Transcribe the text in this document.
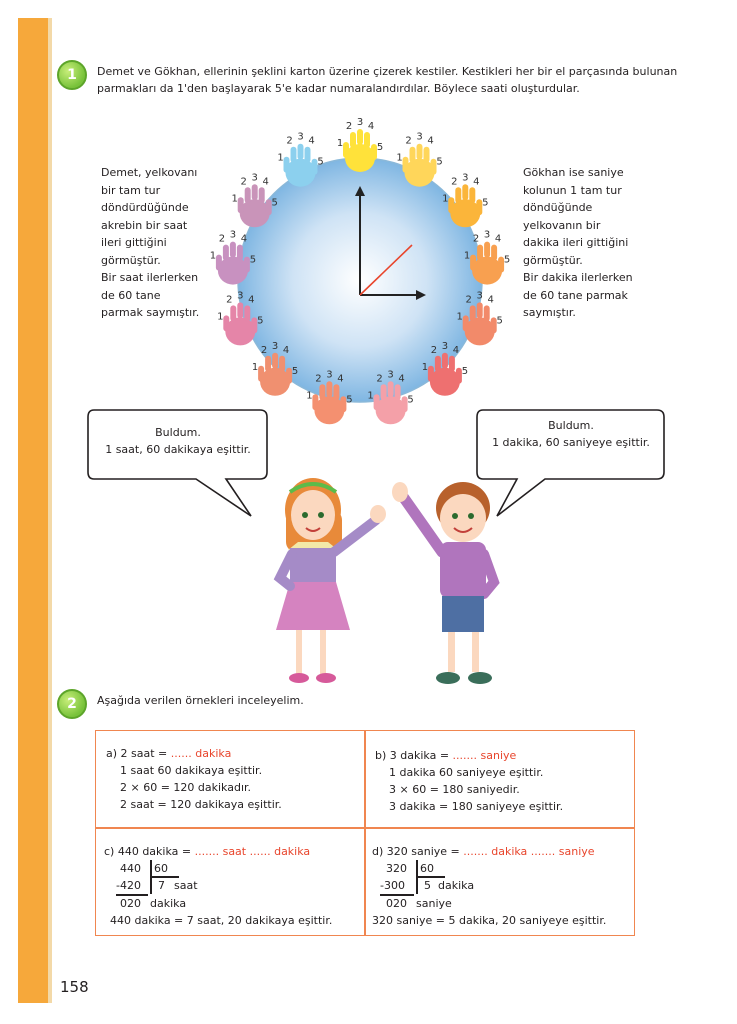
1	Demet ve Gökhan, ellerinin şeklini karton üzerine çizerek kestiler. Kestikleri her bir el parçasında bulunan parmakları da 1'den başlayarak 5'e kadar numaralandırdılar. Böylece saati oluşturdular.
Demet, yelkovanı
bir tam tur
döndürdüğünde
akrebin bir saat
ileri gittiğini
görmüştür.
Bir saat ilerlerken
de 60 tane
parmak saymıştır.
Gökhan ise saniye
kolunun 1 tam tur
döndüğünde
yelkovanın bir
dakika ileri gittiğini
görmüştür.
Bir dakika ilerlerken
de 60 tane parmak
saymıştır.
1
2 3 4
5
1
2 3 4
5
1
2 3 4
5
1
2 3 4
5
1
2 3 4
5
1
2 3 4
5
1
2 3 4
5
1
2 3 4
5
1
2 3 4
5
1
2 3 4
5
1
2 3 4
5
1
2 3 4
5
1
2 3 4
5
Buldum.
1 saat, 60 dakikaya eşittir.
Buldum.
1 dakika, 60 saniyeye eşittir.
2	Aşağıda verilen örnekleri inceleyelim.
a) 2 saat = ...... dakika
1 saat 60 dakikaya eşittir.
2 × 60 = 120 dakikadır.
2 saat = 120 dakikaya eşittir.
b) 3 dakika = ....... saniye
1 dakika 60 saniyeye eşittir.
3 × 60 = 180 saniyedir.
3 dakika = 180 saniyeye eşittir.
c) 440 dakika = ....... saat ...... dakika
440 60
-420 7 saat
020 dakika
440 dakika = 7 saat, 20 dakikaya eşittir.
d) 320 saniye = ....... dakika ....... saniye
320 60
-300 5 dakika
020 saniye
320 saniye = 5 dakika, 20 saniyeye eşittir.
158
